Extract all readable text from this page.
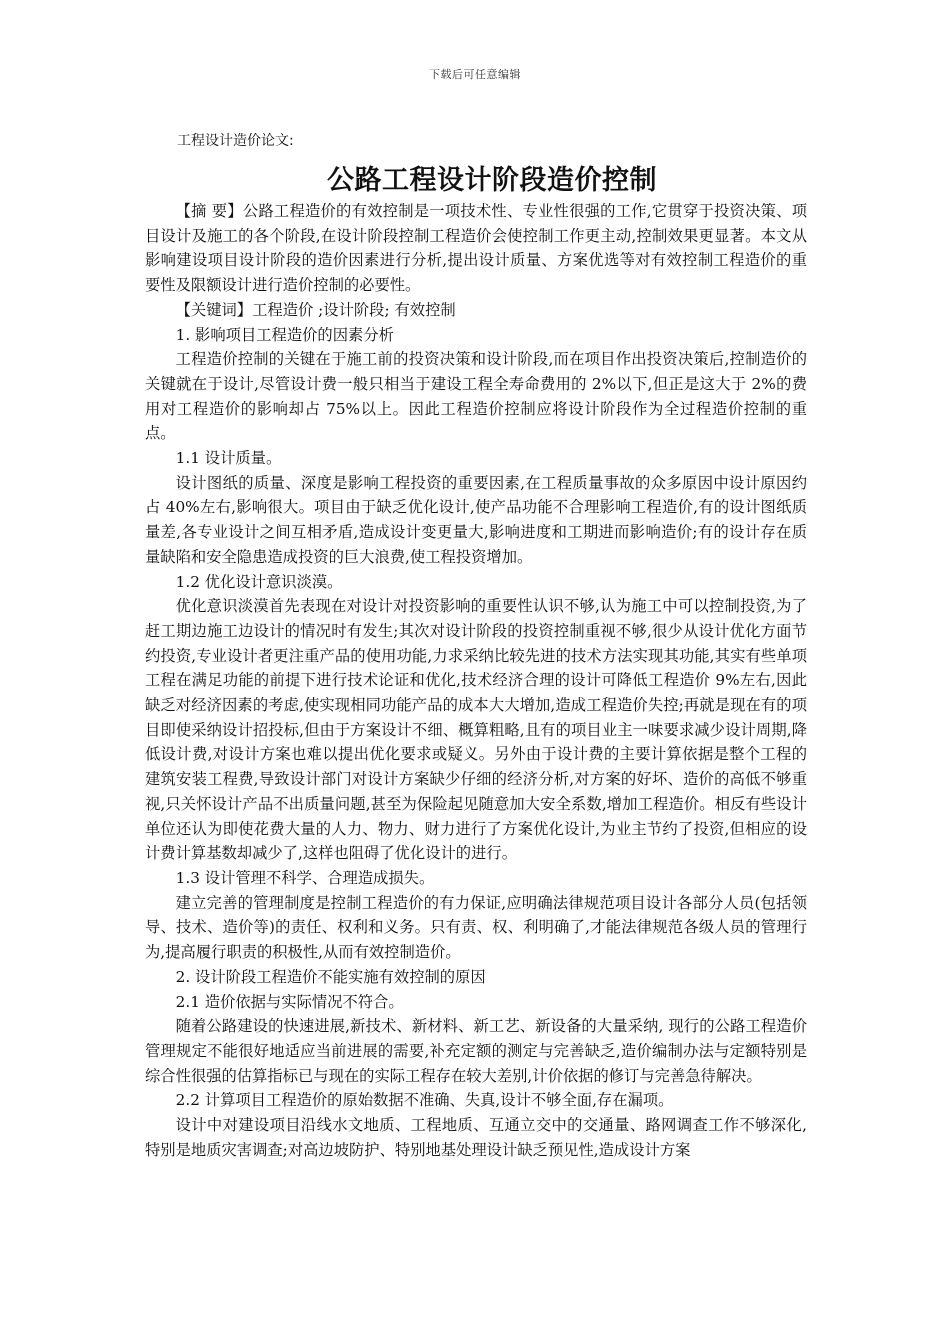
下载后可任意编辑
工程设计造价论文:
公路工程设计阶段造价控制

【摘 要】公路工程造价的有效控制是一项技术性、专业性很强的工作,它贯穿于投资决策、项目设计及施工的各个阶段,在设计阶段控制工程造价会使控制工作更主动,控制效果更显著。本文从影响建设项目设计阶段的造价因素进行分析,提出设计质量、方案优选等对有效控制工程造价的重要性及限额设计进行造价控制的必要性。

【关键词】工程造价 ;设计阶段; 有效控制

1. 影响项目工程造价的因素分析

工程造价控制的关键在于施工前的投资决策和设计阶段,而在项目作出投资决策后,控制造价的关键就在于设计,尽管设计费一般只相当于建设工程全寿命费用的 2%以下,但正是这大于 2%的费用对工程造价的影响却占 75%以上。因此工程造价控制应将设计阶段作为全过程造价控制的重点。

1.1 设计质量。

设计图纸的质量、深度是影响工程投资的重要因素,在工程质量事故的众多原因中设计原因约占 40%左右,影响很大。项目由于缺乏优化设计,使产品功能不合理影响工程造价,有的设计图纸质量差,各专业设计之间互相矛盾,造成设计变更量大,影响进度和工期进而影响造价;有的设计存在质量缺陷和安全隐患造成投资的巨大浪费,使工程投资增加。

1.2 优化设计意识淡漠。

优化意识淡漠首先表现在对设计对投资影响的重要性认识不够,认为施工中可以控制投资,为了赶工期边施工边设计的情况时有发生;其次对设计阶段的投资控制重视不够,很少从设计优化方面节约投资,专业设计者更注重产品的使用功能,力求采纳比较先进的技术方法实现其功能,其实有些单项工程在满足功能的前提下进行技术论证和优化,技术经济合理的设计可降低工程造价 9%左右,因此缺乏对经济因素的考虑,使实现相同功能产品的成本大大增加,造成工程造价失控;再就是现在有的项目即使采纳设计招投标,但由于方案设计不细、概算粗略,且有的项目业主一味要求减少设计周期,降低设计费,对设计方案也难以提出优化要求或疑义。另外由于设计费的主要计算依据是整个工程的建筑安装工程费,导致设计部门对设计方案缺少仔细的经济分析,对方案的好坏、造价的高低不够重视,只关怀设计产品不出质量问题,甚至为保险起见随意加大安全系数,增加工程造价。相反有些设计单位还认为即使花费大量的人力、物力、财力进行了方案优化设计,为业主节约了投资,但相应的设计费计算基数却减少了,这样也阻碍了优化设计的进行。

1.3 设计管理不科学、合理造成损失。

建立完善的管理制度是控制工程造价的有力保证,应明确法律规范项目设计各部分人员(包括领导、技术、造价等)的责任、权利和义务。只有责、权、利明确了,才能法律规范各级人员的管理行为,提高履行职责的积极性,从而有效控制造价。

2. 设计阶段工程造价不能实施有效控制的原因

2.1 造价依据与实际情况不符合。

随着公路建设的快速进展,新技术、新材料、新工艺、新设备的大量采纳, 现行的公路工程造价管理规定不能很好地适应当前进展的需要,补充定额的测定与完善缺乏,造价编制办法与定额特别是综合性很强的估算指标已与现在的实际工程存在较大差别,计价依据的修订与完善急待解决。

2.2 计算项目工程造价的原始数据不准确、失真,设计不够全面,存在漏项。

设计中对建设项目沿线水文地质、工程地质、互通立交中的交通量、路网调查工作不够深化,特别是地质灾害调查;对高边坡防护、特别地基处理设计缺乏预见性,造成设计方案
